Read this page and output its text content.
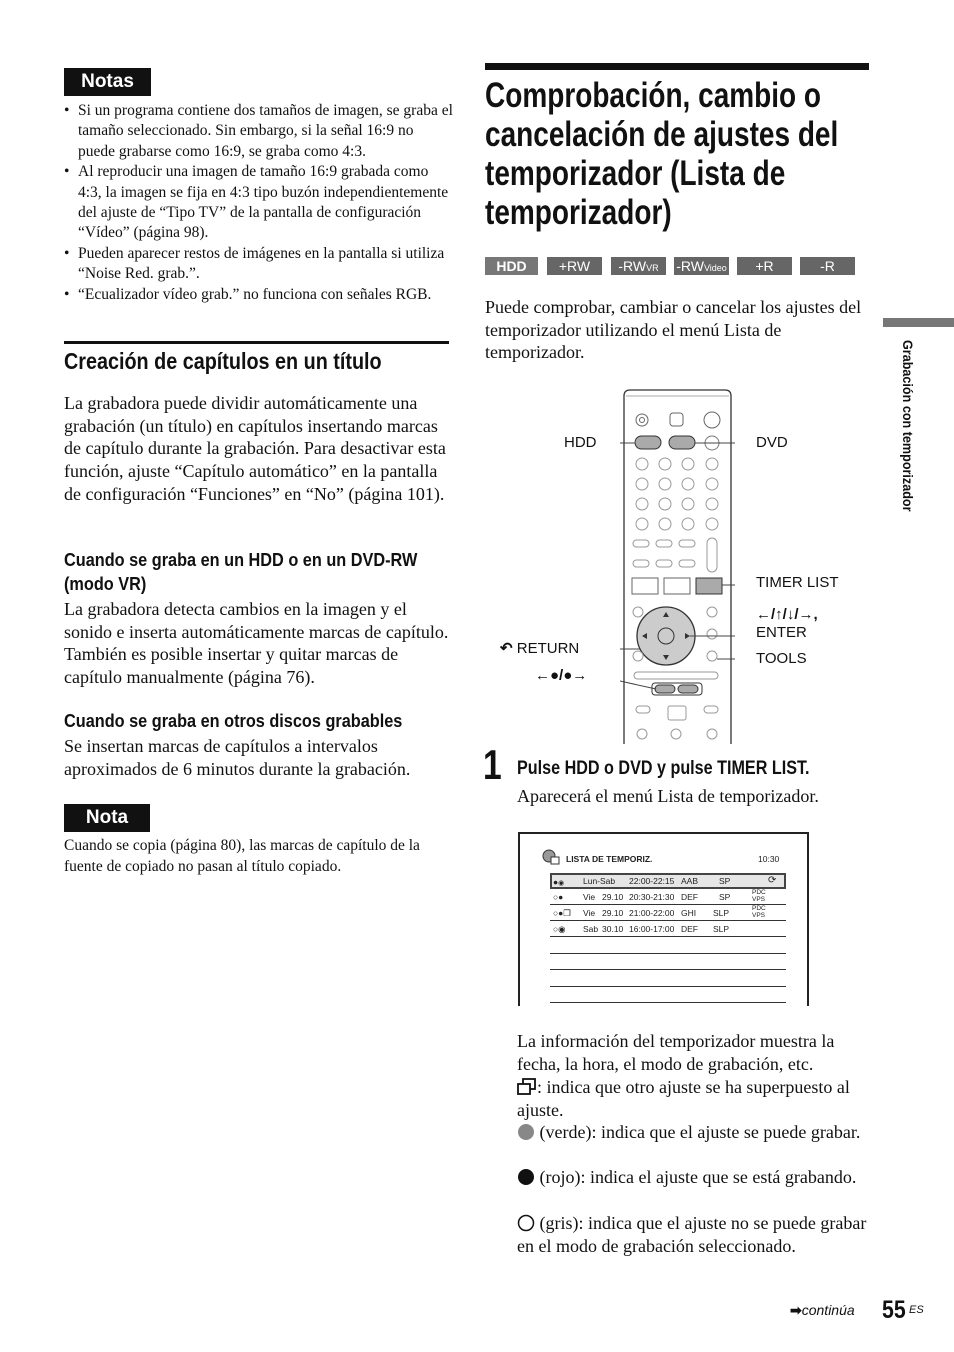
Notas
• Si un programa contiene dos tamaños de imagen, se graba el tamaño seleccionado. Sin embargo, si la señal 16:9 no puede grabarse como 16:9, se graba como 4:3.
• Al reproducir una imagen de tamaño 16:9 grabada como 4:3, la imagen se fija en 4:3 tipo buzón independientemente del ajuste de “Tipo TV” de la pantalla de configuración “Vídeo” (página 98).
• Pueden aparecer restos de imágenes en la pantalla si utiliza “Noise Red. grab.”.
• “Ecualizador vídeo grab.” no funciona con señales RGB.
Creación de capítulos en un título
La grabadora puede dividir automáticamente una grabación (un título) en capítulos insertando marcas de capítulo durante la grabación. Para desactivar esta función, ajuste “Capítulo automático” en la pantalla de configuración “Funciones” en “No” (página 101).
Cuando se graba en un HDD o en un DVD-RW
(modo VR)
La grabadora detecta cambios en la imagen y el sonido e inserta automáticamente marcas de capítulo. También es posible insertar y quitar marcas de capítulo manualmente (página 76).
Cuando se graba en otros discos grabables
Se insertan marcas de capítulos a intervalos aproximados de 6 minutos durante la grabación.
Nota
Cuando se copia (página 80), las marcas de capítulo de la fuente de copiado no pasan al título copiado.
Comprobación, cambio o
cancelación de ajustes del
temporizador (Lista de
temporizador)
HDD	+RW	-RWVR	-RWVideo	+R	-R
Puede comprobar, cambiar o cancelar los ajustes del temporizador utilizando el menú Lista de temporizador.	Grabación con temporizador
HDD	DVD
TIMER LIST
←/↑/↓/→,
ENTER
TOOLS
↶ RETURN
←●/●→
1 Pulse HDD o DVD y pulse TIMER LIST.
Aparecerá el menú Lista de temporizador.
LISTA DE TEMPORIZ.	10:30
●◉ Lun-Sab 22:00-22:15 AAB SP	⟳
○● Vie 29.10 20:30-21:30 DEF SP	PDC
VPS
○●❐ Vie 29.10 21:00-22:00 GHI SLP	PDC
VPS
○◉ Sab 30.10 16:00-17:00 DEF SLP
La información del temporizador muestra la fecha, la hora, el modo de grabación, etc.
: indica que otro ajuste se ha superpuesto al ajuste.
(verde): indica que el ajuste se puede grabar.
(rojo): indica el ajuste que se está grabando.
(gris): indica que el ajuste no se puede grabar en el modo de grabación seleccionado.
➡continúa 55 ES
